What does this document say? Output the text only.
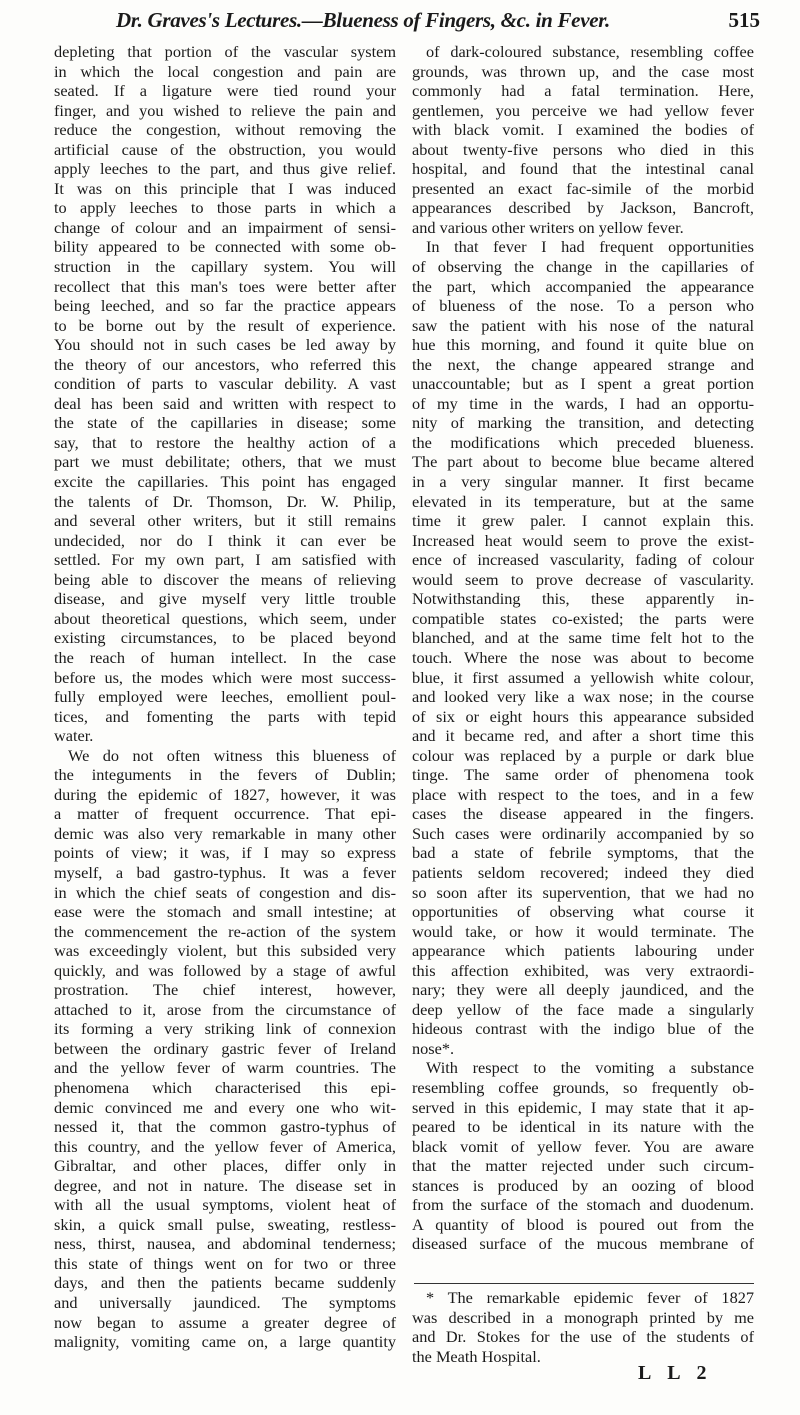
Dr. Graves's Lectures.—Blueness of Fingers, &c. in Fever.	515
depleting that portion of the vascular system
in which the local congestion and pain are
seated. If a ligature were tied round your
finger, and you wished to relieve the pain and
reduce the congestion, without removing the
artificial cause of the obstruction, you would
apply leeches to the part, and thus give relief.
It was on this principle that I was induced
to apply leeches to those parts in which a
change of colour and an impairment of sensi-
bility appeared to be connected with some ob-
struction in the capillary system. You will
recollect that this man's toes were better after
being leeched, and so far the practice appears
to be borne out by the result of experience.
You should not in such cases be led away by
the theory of our ancestors, who referred this
condition of parts to vascular debility. A vast
deal has been said and written with respect to
the state of the capillaries in disease; some
say, that to restore the healthy action of a
part we must debilitate; others, that we must
excite the capillaries. This point has engaged
the talents of Dr. Thomson, Dr. W. Philip,
and several other writers, but it still remains
undecided, nor do I think it can ever be
settled. For my own part, I am satisfied with
being able to discover the means of relieving
disease, and give myself very little trouble
about theoretical questions, which seem, under
existing circumstances, to be placed beyond
the reach of human intellect. In the case
before us, the modes which were most success-
fully employed were leeches, emollient poul-
tices, and fomenting the parts with tepid
water.
We do not often witness this blueness of
the integuments in the fevers of Dublin;
during the epidemic of 1827, however, it was
a matter of frequent occurrence. That epi-
demic was also very remarkable in many other
points of view; it was, if I may so express
myself, a bad gastro-typhus. It was a fever
in which the chief seats of congestion and dis-
ease were the stomach and small intestine; at
the commencement the re-action of the system
was exceedingly violent, but this subsided very
quickly, and was followed by a stage of awful
prostration. The chief interest, however,
attached to it, arose from the circumstance of
its forming a very striking link of connexion
between the ordinary gastric fever of Ireland
and the yellow fever of warm countries. The
phenomena which characterised this epi-
demic convinced me and every one who wit-
nessed it, that the common gastro-typhus of
this country, and the yellow fever of America,
Gibraltar, and other places, differ only in
degree, and not in nature. The disease set in
with all the usual symptoms, violent heat of
skin, a quick small pulse, sweating, restless-
ness, thirst, nausea, and abdominal tenderness;
this state of things went on for two or three
days, and then the patients became suddenly
and universally jaundiced. The symptoms
now began to assume a greater degree of
malignity, vomiting came on, a large quantity
of dark-coloured substance, resembling coffee
grounds, was thrown up, and the case most
commonly had a fatal termination. Here,
gentlemen, you perceive we had yellow fever
with black vomit. I examined the bodies of
about twenty-five persons who died in this
hospital, and found that the intestinal canal
presented an exact fac-simile of the morbid
appearances described by Jackson, Bancroft,
and various other writers on yellow fever.
In that fever I had frequent opportunities
of observing the change in the capillaries of
the part, which accompanied the appearance
of blueness of the nose. To a person who
saw the patient with his nose of the natural
hue this morning, and found it quite blue on
the next, the change appeared strange and
unaccountable; but as I spent a great portion
of my time in the wards, I had an opportu-
nity of marking the transition, and detecting
the modifications which preceded blueness.
The part about to become blue became altered
in a very singular manner. It first became
elevated in its temperature, but at the same
time it grew paler. I cannot explain this.
Increased heat would seem to prove the exist-
ence of increased vascularity, fading of colour
would seem to prove decrease of vascularity.
Notwithstanding this, these apparently in-
compatible states co-existed; the parts were
blanched, and at the same time felt hot to the
touch. Where the nose was about to become
blue, it first assumed a yellowish white colour,
and looked very like a wax nose; in the course
of six or eight hours this appearance subsided
and it became red, and after a short time this
colour was replaced by a purple or dark blue
tinge. The same order of phenomena took
place with respect to the toes, and in a few
cases the disease appeared in the fingers.
Such cases were ordinarily accompanied by so
bad a state of febrile symptoms, that the
patients seldom recovered; indeed they died
so soon after its supervention, that we had no
opportunities of observing what course it
would take, or how it would terminate. The
appearance which patients labouring under
this affection exhibited, was very extraordi-
nary; they were all deeply jaundiced, and the
deep yellow of the face made a singularly
hideous contrast with the indigo blue of the
nose*.
With respect to the vomiting a substance
resembling coffee grounds, so frequently ob-
served in this epidemic, I may state that it ap-
peared to be identical in its nature with the
black vomit of yellow fever. You are aware
that the matter rejected under such circum-
stances is produced by an oozing of blood
from the surface of the stomach and duodenum.
A quantity of blood is poured out from the
diseased surface of the mucous membrane of
* The remarkable epidemic fever of 1827
was described in a monograph printed by me
and Dr. Stokes for the use of the students of
the Meath Hospital.
L L 2
